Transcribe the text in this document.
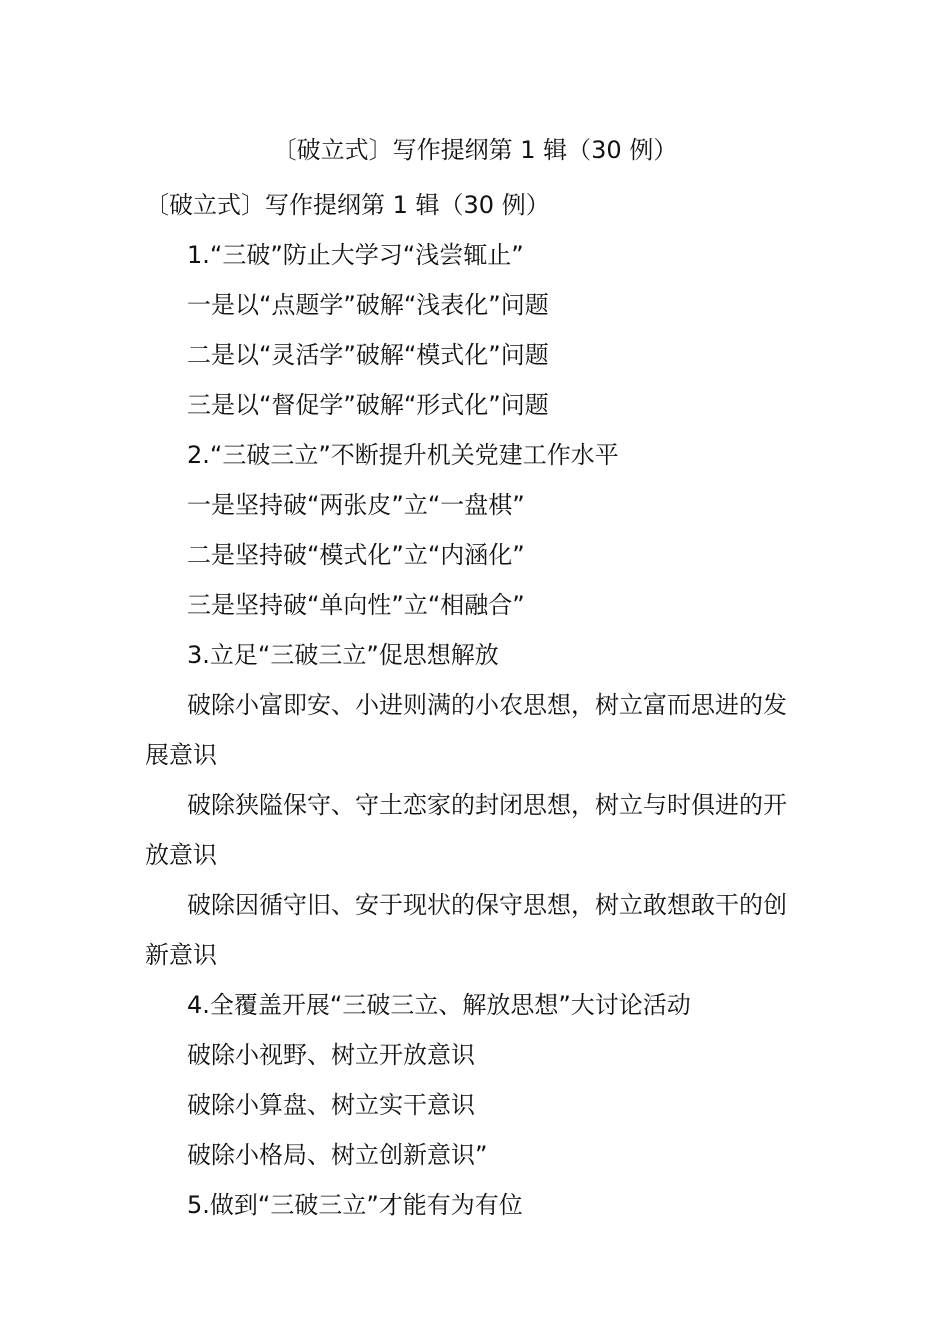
〔破立式〕写作提纲第 1 辑（30 例）

〔破立式〕写作提纲第 1 辑（30 例）

1.“三破”防止大学习“浅尝辄止”

一是以“点题学”破解“浅表化”问题

二是以“灵活学”破解“模式化”问题

三是以“督促学”破解“形式化”问题

2.“三破三立”不断提升机关党建工作水平

一是坚持破“两张皮”立“一盘棋”

二是坚持破“模式化”立“内涵化”

三是坚持破“单向性”立“相融合”

3.立足“三破三立”促思想解放

破除小富即安、小进则满的小农思想，树立富而思进的发展意识

破除狭隘保守、守土恋家的封闭思想，树立与时俱进的开放意识

破除因循守旧、安于现状的保守思想，树立敢想敢干的创新意识

4.全覆盖开展“三破三立、解放思想”大讨论活动

破除小视野、树立开放意识

破除小算盘、树立实干意识

破除小格局、树立创新意识”

5.做到“三破三立”才能有为有位
